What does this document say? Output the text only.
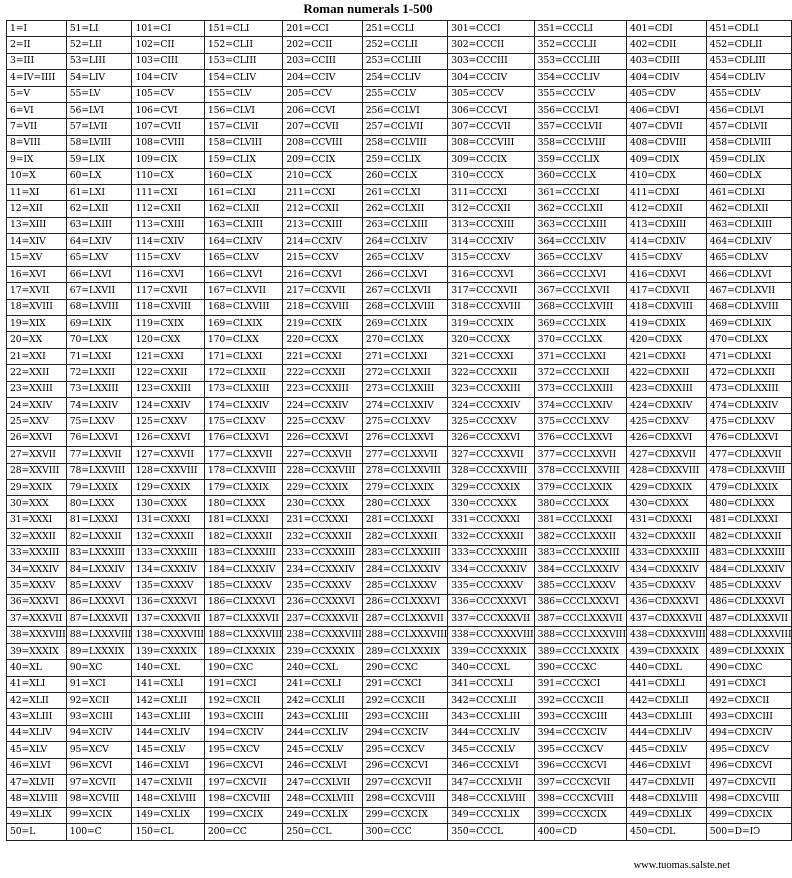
Roman numerals 1-500
1=I	51=LI	101=CI	151=CLI	201=CCI	251=CCLI	301=CCCI	351=CCCLI	401=CDI	451=CDLI
2=II	52=LII	102=CII	152=CLII	202=CCII	252=CCLII	302=CCCII	352=CCCLII	402=CDII	452=CDLII
3=III	53=LIII	103=CIII	153=CLIII	203=CCIII	253=CCLIII	303=CCCIII	353=CCCLIII	403=CDIII	453=CDLIII
4=IV=IIII	54=LIV	104=CIV	154=CLIV	204=CCIV	254=CCLIV	304=CCCIV	354=CCCLIV	404=CDIV	454=CDLIV
5=V	55=LV	105=CV	155=CLV	205=CCV	255=CCLV	305=CCCV	355=CCCLV	405=CDV	455=CDLV
6=VI	56=LVI	106=CVI	156=CLVI	206=CCVI	256=CCLVI	306=CCCVI	356=CCCLVI	406=CDVI	456=CDLVI
7=VII	57=LVII	107=CVII	157=CLVII	207=CCVII	257=CCLVII	307=CCCVII	357=CCCLVII	407=CDVII	457=CDLVII
8=VIII	58=LVIII	108=CVIII	158=CLVIII	208=CCVIII	258=CCLVIII	308=CCCVIII	358=CCCLVIII	408=CDVIII	458=CDLVIII
9=IX	59=LIX	109=CIX	159=CLIX	209=CCIX	259=CCLIX	309=CCCIX	359=CCCLIX	409=CDIX	459=CDLIX
10=X	60=LX	110=CX	160=CLX	210=CCX	260=CCLX	310=CCCX	360=CCCLX	410=CDX	460=CDLX
11=XI	61=LXI	111=CXI	161=CLXI	211=CCXI	261=CCLXI	311=CCCXI	361=CCCLXI	411=CDXI	461=CDLXI
12=XII	62=LXII	112=CXII	162=CLXII	212=CCXII	262=CCLXII	312=CCCXII	362=CCCLXII	412=CDXII	462=CDLXII
13=XIII	63=LXIII	113=CXIII	163=CLXIII	213=CCXIII	263=CCLXIII	313=CCCXIII	363=CCCLXIII	413=CDXIII	463=CDLXIII
14=XIV	64=LXIV	114=CXIV	164=CLXIV	214=CCXIV	264=CCLXIV	314=CCCXIV	364=CCCLXIV	414=CDXIV	464=CDLXIV
15=XV	65=LXV	115=CXV	165=CLXV	215=CCXV	265=CCLXV	315=CCCXV	365=CCCLXV	415=CDXV	465=CDLXV
16=XVI	66=LXVI	116=CXVI	166=CLXVI	216=CCXVI	266=CCLXVI	316=CCCXVI	366=CCCLXVI	416=CDXVI	466=CDLXVI
17=XVII	67=LXVII	117=CXVII	167=CLXVII	217=CCXVII	267=CCLXVII	317=CCCXVII	367=CCCLXVII	417=CDXVII	467=CDLXVII
18=XVIII	68=LXVIII	118=CXVIII	168=CLXVIII	218=CCXVIII	268=CCLXVIII	318=CCCXVIII	368=CCCLXVIII	418=CDXVIII	468=CDLXVIII
19=XIX	69=LXIX	119=CXIX	169=CLXIX	219=CCXIX	269=CCLXIX	319=CCCXIX	369=CCCLXIX	419=CDXIX	469=CDLXIX
20=XX	70=LXX	120=CXX	170=CLXX	220=CCXX	270=CCLXX	320=CCCXX	370=CCCLXX	420=CDXX	470=CDLXX
21=XXI	71=LXXI	121=CXXI	171=CLXXI	221=CCXXI	271=CCLXXI	321=CCCXXI	371=CCCLXXI	421=CDXXI	471=CDLXXI
22=XXII	72=LXXII	122=CXXII	172=CLXXII	222=CCXXII	272=CCLXXII	322=CCCXXII	372=CCCLXXII	422=CDXXII	472=CDLXXII
23=XXIII	73=LXXIII	123=CXXIII	173=CLXXIII	223=CCXXIII	273=CCLXXIII	323=CCCXXIII	373=CCCLXXIII	423=CDXXIII	473=CDLXXIII
24=XXIV	74=LXXIV	124=CXXIV	174=CLXXIV	224=CCXXIV	274=CCLXXIV	324=CCCXXIV	374=CCCLXXIV	424=CDXXIV	474=CDLXXIV
25=XXV	75=LXXV	125=CXXV	175=CLXXV	225=CCXXV	275=CCLXXV	325=CCCXXV	375=CCCLXXV	425=CDXXV	475=CDLXXV
26=XXVI	76=LXXVI	126=CXXVI	176=CLXXVI	226=CCXXVI	276=CCLXXVI	326=CCCXXVI	376=CCCLXXVI	426=CDXXVI	476=CDLXXVI
27=XXVII	77=LXXVII	127=CXXVII	177=CLXXVII	227=CCXXVII	277=CCLXXVII	327=CCCXXVII	377=CCCLXXVII	427=CDXXVII	477=CDLXXVII
28=XXVIII	78=LXXVIII	128=CXXVIII	178=CLXXVIII	228=CCXXVIII	278=CCLXXVIII	328=CCCXXVIII	378=CCCLXXVIII	428=CDXXVIII	478=CDLXXVIII
29=XXIX	79=LXXIX	129=CXXIX	179=CLXXIX	229=CCXXIX	279=CCLXXIX	329=CCCXXIX	379=CCCLXXIX	429=CDXXIX	479=CDLXXIX
30=XXX	80=LXXX	130=CXXX	180=CLXXX	230=CCXXX	280=CCLXXX	330=CCCXXX	380=CCCLXXX	430=CDXXX	480=CDLXXX
31=XXXI	81=LXXXI	131=CXXXI	181=CLXXXI	231=CCXXXI	281=CCLXXXI	331=CCCXXXI	381=CCCLXXXI	431=CDXXXI	481=CDLXXXI
32=XXXII	82=LXXXII	132=CXXXII	182=CLXXXII	232=CCXXXII	282=CCLXXXII	332=CCCXXXII	382=CCCLXXXII	432=CDXXXII	482=CDLXXXII
33=XXXIII	83=LXXXIII	133=CXXXIII	183=CLXXXIII	233=CCXXXIII	283=CCLXXXIII	333=CCCXXXIII	383=CCCLXXXIII	433=CDXXXIII	483=CDLXXXIII
34=XXXIV	84=LXXXIV	134=CXXXIV	184=CLXXXIV	234=CCXXXIV	284=CCLXXXIV	334=CCCXXXIV	384=CCCLXXXIV	434=CDXXXIV	484=CDLXXXIV
35=XXXV	85=LXXXV	135=CXXXV	185=CLXXXV	235=CCXXXV	285=CCLXXXV	335=CCCXXXV	385=CCCLXXXV	435=CDXXXV	485=CDLXXXV
36=XXXVI	86=LXXXVI	136=CXXXVI	186=CLXXXVI	236=CCXXXVI	286=CCLXXXVI	336=CCCXXXVI	386=CCCLXXXVI	436=CDXXXVI	486=CDLXXXVI
37=XXXVII	87=LXXXVII	137=CXXXVII	187=CLXXXVII	237=CCXXXVII	287=CCLXXXVII	337=CCCXXXVII	387=CCCLXXXVII	437=CDXXXVII	487=CDLXXXVII
38=XXXVIII	88=LXXXVIII	138=CXXXVIII	188=CLXXXVIII	238=CCXXXVIII	288=CCLXXXVIII	338=CCCXXXVIII	388=CCCLXXXVIII	438=CDXXXVIII	488=CDLXXXVIII
39=XXXIX	89=LXXXIX	139=CXXXIX	189=CLXXXIX	239=CCXXXIX	289=CCLXXXIX	339=CCCXXXIX	389=CCCLXXXIX	439=CDXXXIX	489=CDLXXXIX
40=XL	90=XC	140=CXL	190=CXC	240=CCXL	290=CCXC	340=CCCXL	390=CCCXC	440=CDXL	490=CDXC
41=XLI	91=XCI	141=CXLI	191=CXCI	241=CCXLI	291=CCXCI	341=CCCXLI	391=CCCXCI	441=CDXLI	491=CDXCI
42=XLII	92=XCII	142=CXLII	192=CXCII	242=CCXLII	292=CCXCII	342=CCCXLII	392=CCCXCII	442=CDXLII	492=CDXCII
43=XLIII	93=XCIII	143=CXLIII	193=CXCIII	243=CCXLIII	293=CCXCIII	343=CCCXLIII	393=CCCXCIII	443=CDXLIII	493=CDXCIII
44=XLIV	94=XCIV	144=CXLIV	194=CXCIV	244=CCXLIV	294=CCXCIV	344=CCCXLIV	394=CCCXCIV	444=CDXLIV	494=CDXCIV
45=XLV	95=XCV	145=CXLV	195=CXCV	245=CCXLV	295=CCXCV	345=CCCXLV	395=CCCXCV	445=CDXLV	495=CDXCV
46=XLVI	96=XCVI	146=CXLVI	196=CXCVI	246=CCXLVI	296=CCXCVI	346=CCCXLVI	396=CCCXCVI	446=CDXLVI	496=CDXCVI
47=XLVII	97=XCVII	147=CXLVII	197=CXCVII	247=CCXLVII	297=CCXCVII	347=CCCXLVII	397=CCCXCVII	447=CDXLVII	497=CDXCVII
48=XLVIII	98=XCVIII	148=CXLVIII	198=CXCVIII	248=CCXLVIII	298=CCXCVIII	348=CCCXLVIII	398=CCCXCVIII	448=CDXLVIII	498=CDXCVIII
49=XLIX	99=XCIX	149=CXLIX	199=CXCIX	249=CCXLIX	299=CCXCIX	349=CCCXLIX	399=CCCXCIX	449=CDXLIX	499=CDXCIX
50=L	100=C	150=CL	200=CC	250=CCL	300=CCC	350=CCCL	400=CD	450=CDL	500=D=IↃ
www.tuomas.salste.net
